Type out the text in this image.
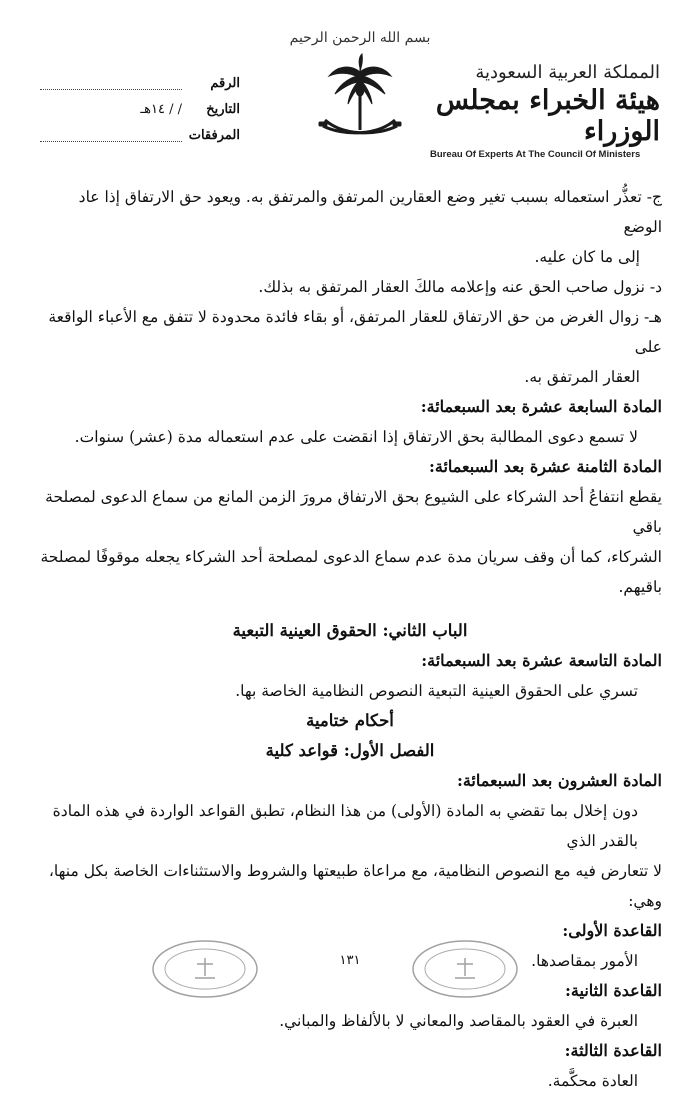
المملكة العربية السعودية
هيئة الخبراء بمجلس الوزراء
Bureau Of Experts At The Council Of Ministers
بسم الله الرحمن الرحيم
الرقم
التاريخ
/ / ١٤هـ
المرفقات

ج- تعذُّر استعماله بسبب تغير وضع العقارين المرتفق والمرتفق به. ويعود حق الارتفاق إذا عاد الوضع

إلى ما كان عليه.

د- نزول صاحب الحق عنه وإعلامه مالكَ العقار المرتفق به بذلك.

هـ- زوال الغرض من حق الارتفاق للعقار المرتفق، أو بقاء فائدة محدودة لا تتفق مع الأعباء الواقعة على

العقار المرتفق به.

المادة السابعة عشرة بعد السبعمائة:

لا تسمع دعوى المطالبة بحق الارتفاق إذا انقضت على عدم استعماله مدة (عشر) سنوات.

المادة الثامنة عشرة بعد السبعمائة:

يقطع انتفاعُ أحد الشركاء على الشيوع بحق الارتفاق مرورَ الزمن المانع من سماع الدعوى لمصلحة باقي

الشركاء، كما أن وقف سريان مدة عدم سماع الدعوى لمصلحة أحد الشركاء يجعله موقوفًا لمصلحة باقيهم.

الباب الثاني: الحقوق العينية التبعية

المادة التاسعة عشرة بعد السبعمائة:

تسري على الحقوق العينية التبعية النصوص النظامية الخاصة بها.

أحكام ختامية

الفصل الأول: قواعد كلية

المادة العشرون بعد السبعمائة:

دون إخلال بما تقضي به المادة (الأولى) من هذا النظام، تطبق القواعد الواردة في هذه المادة بالقدر الذي

لا تتعارض فيه مع النصوص النظامية، مع مراعاة طبيعتها والشروط والاستثناءات الخاصة بكل منها، وهي:

القاعدة الأولى:

الأمور بمقاصدها.

القاعدة الثانية:

العبرة في العقود بالمقاصد والمعاني لا بالألفاظ والمباني.

القاعدة الثالثة:

العادة محكَّمة.

١٣١
